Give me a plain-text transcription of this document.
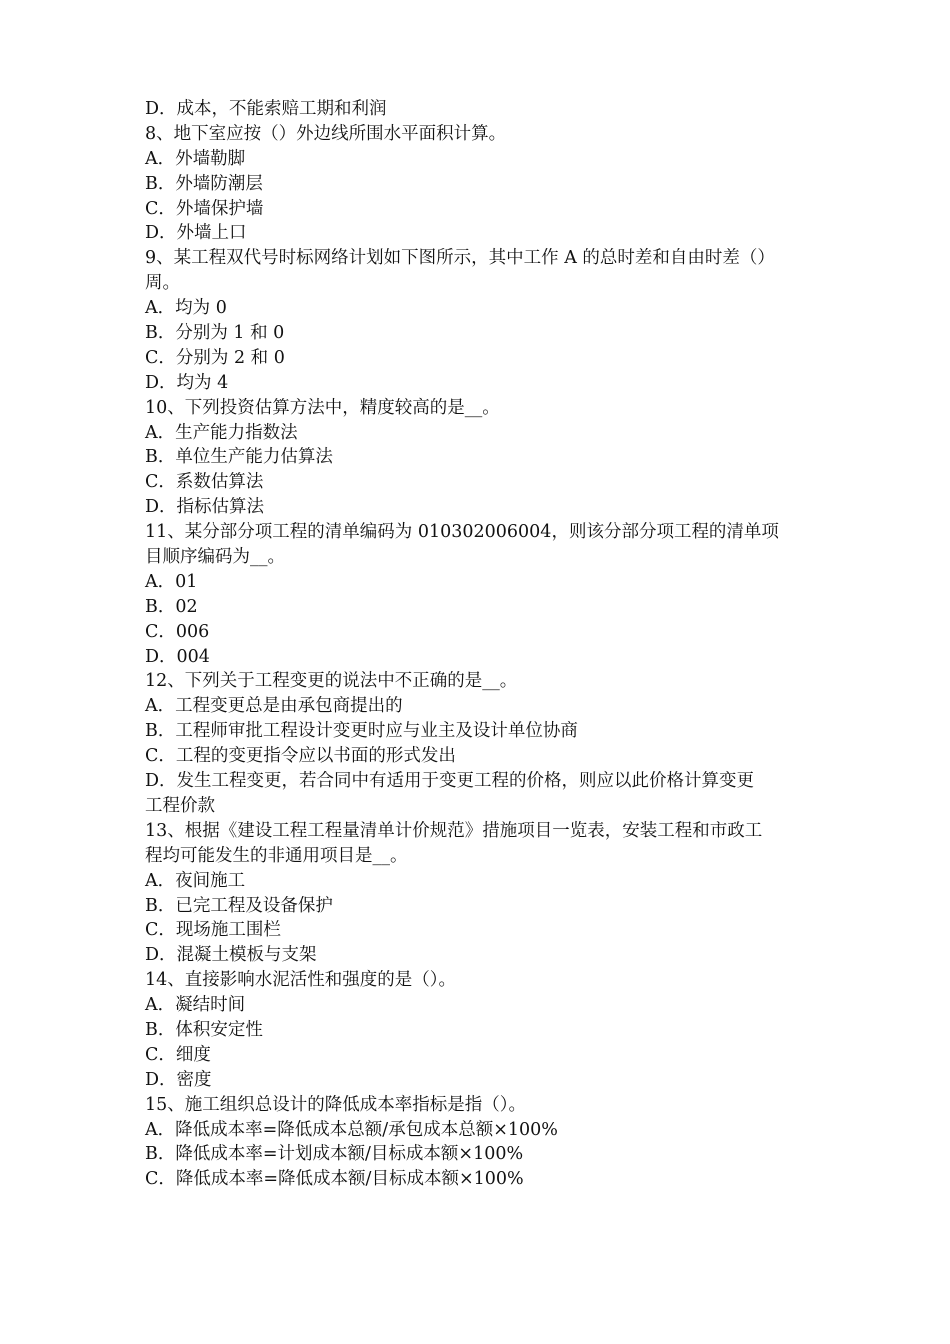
D．成本，不能索赔工期和利润
8、地下室应按（）外边线所围水平面积计算。
A．外墙勒脚
B．外墙防潮层
C．外墙保护墙
D．外墙上口
9、某工程双代号时标网络计划如下图所示，其中工作 A 的总时差和自由时差（）
周。
A．均为 0
B．分别为 1 和 0
C．分别为 2 和 0
D．均为 4
10、下列投资估算方法中，精度较高的是__。
A．生产能力指数法
B．单位生产能力估算法
C．系数估算法
D．指标估算法
11、某分部分项工程的清单编码为 010302006004，则该分部分项工程的清单项
目顺序编码为__。
A．01
B．02
C．006
D．004
12、下列关于工程变更的说法中不正确的是__。
A．工程变更总是由承包商提出的
B．工程师审批工程设计变更时应与业主及设计单位协商
C．工程的变更指令应以书面的形式发出
D．发生工程变更，若合同中有适用于变更工程的价格，则应以此价格计算变更
工程价款
13、根据《建设工程工程量清单计价规范》措施项目一览表，安装工程和市政工
程均可能发生的非通用项目是__。
A．夜间施工
B．已完工程及设备保护
C．现场施工围栏
D．混凝土模板与支架
14、直接影响水泥活性和强度的是（）。
A．凝结时间
B．体积安定性
C．细度
D．密度
15、施工组织总设计的降低成本率指标是指（）。
A．降低成本率=降低成本总额/承包成本总额×100%
B．降低成本率=计划成本额/目标成本额×100%
C．降低成本率=降低成本额/目标成本额×100%
